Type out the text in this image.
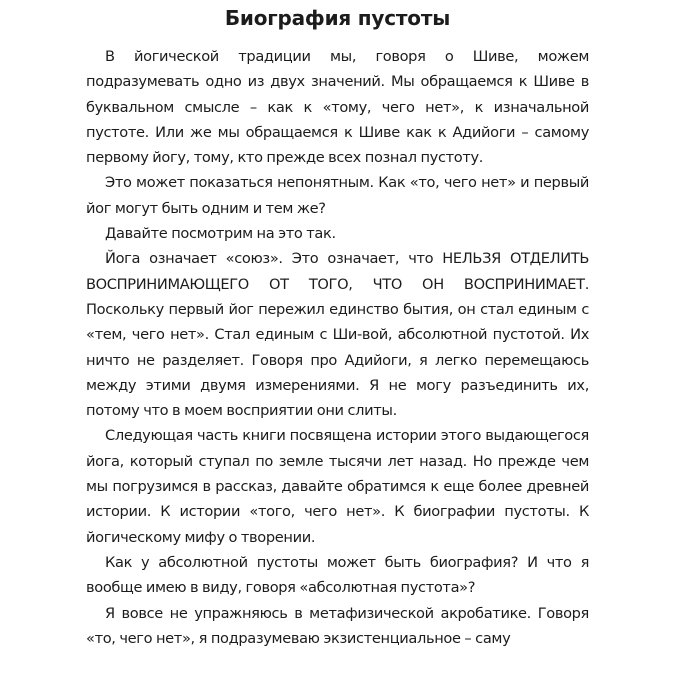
Биография пустоты

В йогической традиции мы, говоря о Шиве, можем подразумевать одно из двух значений. Мы обращаемся к Шиве в буквальном смысле – как к «тому, чего нет», к изначальной пустоте. Или же мы обращаемся к Шиве как к Адийоги – самому первому йогу, тому, кто прежде всех познал пустоту.

Это может показаться непонятным. Как «то, чего нет» и первый йог могут быть одним и тем же?

Давайте посмотрим на это так.

Йога означает «союз». Это означает, что НЕЛЬЗЯ ОТДЕЛИТЬ ВОСПРИНИМАЮЩЕГО ОТ ТОГО, ЧТО ОН ВОСПРИНИМАЕТ. Поскольку первый йог пережил единство бытия, он стал единым с «тем, чего нет». Стал единым с Ши-вой, абсолютной пустотой. Их ничто не разделяет. Говоря про Адийоги, я легко перемещаюсь между этими двумя измерениями. Я не могу разъединить их, потому что в моем восприятии они слиты.

Следующая часть книги посвящена истории этого выдающегося йога, который ступал по земле тысячи лет назад. Но прежде чем мы погрузимся в рассказ, давайте обратимся к еще более древней истории. К истории «того, чего нет». К биографии пустоты. К йогическому мифу о творении.

Как у абсолютной пустоты может быть биография? И что я вообще имею в виду, говоря «абсолютная пустота»?

Я вовсе не упражняюсь в метафизической акробатике. Говоря «то, чего нет», я подразумеваю экзистенциальное – саму
